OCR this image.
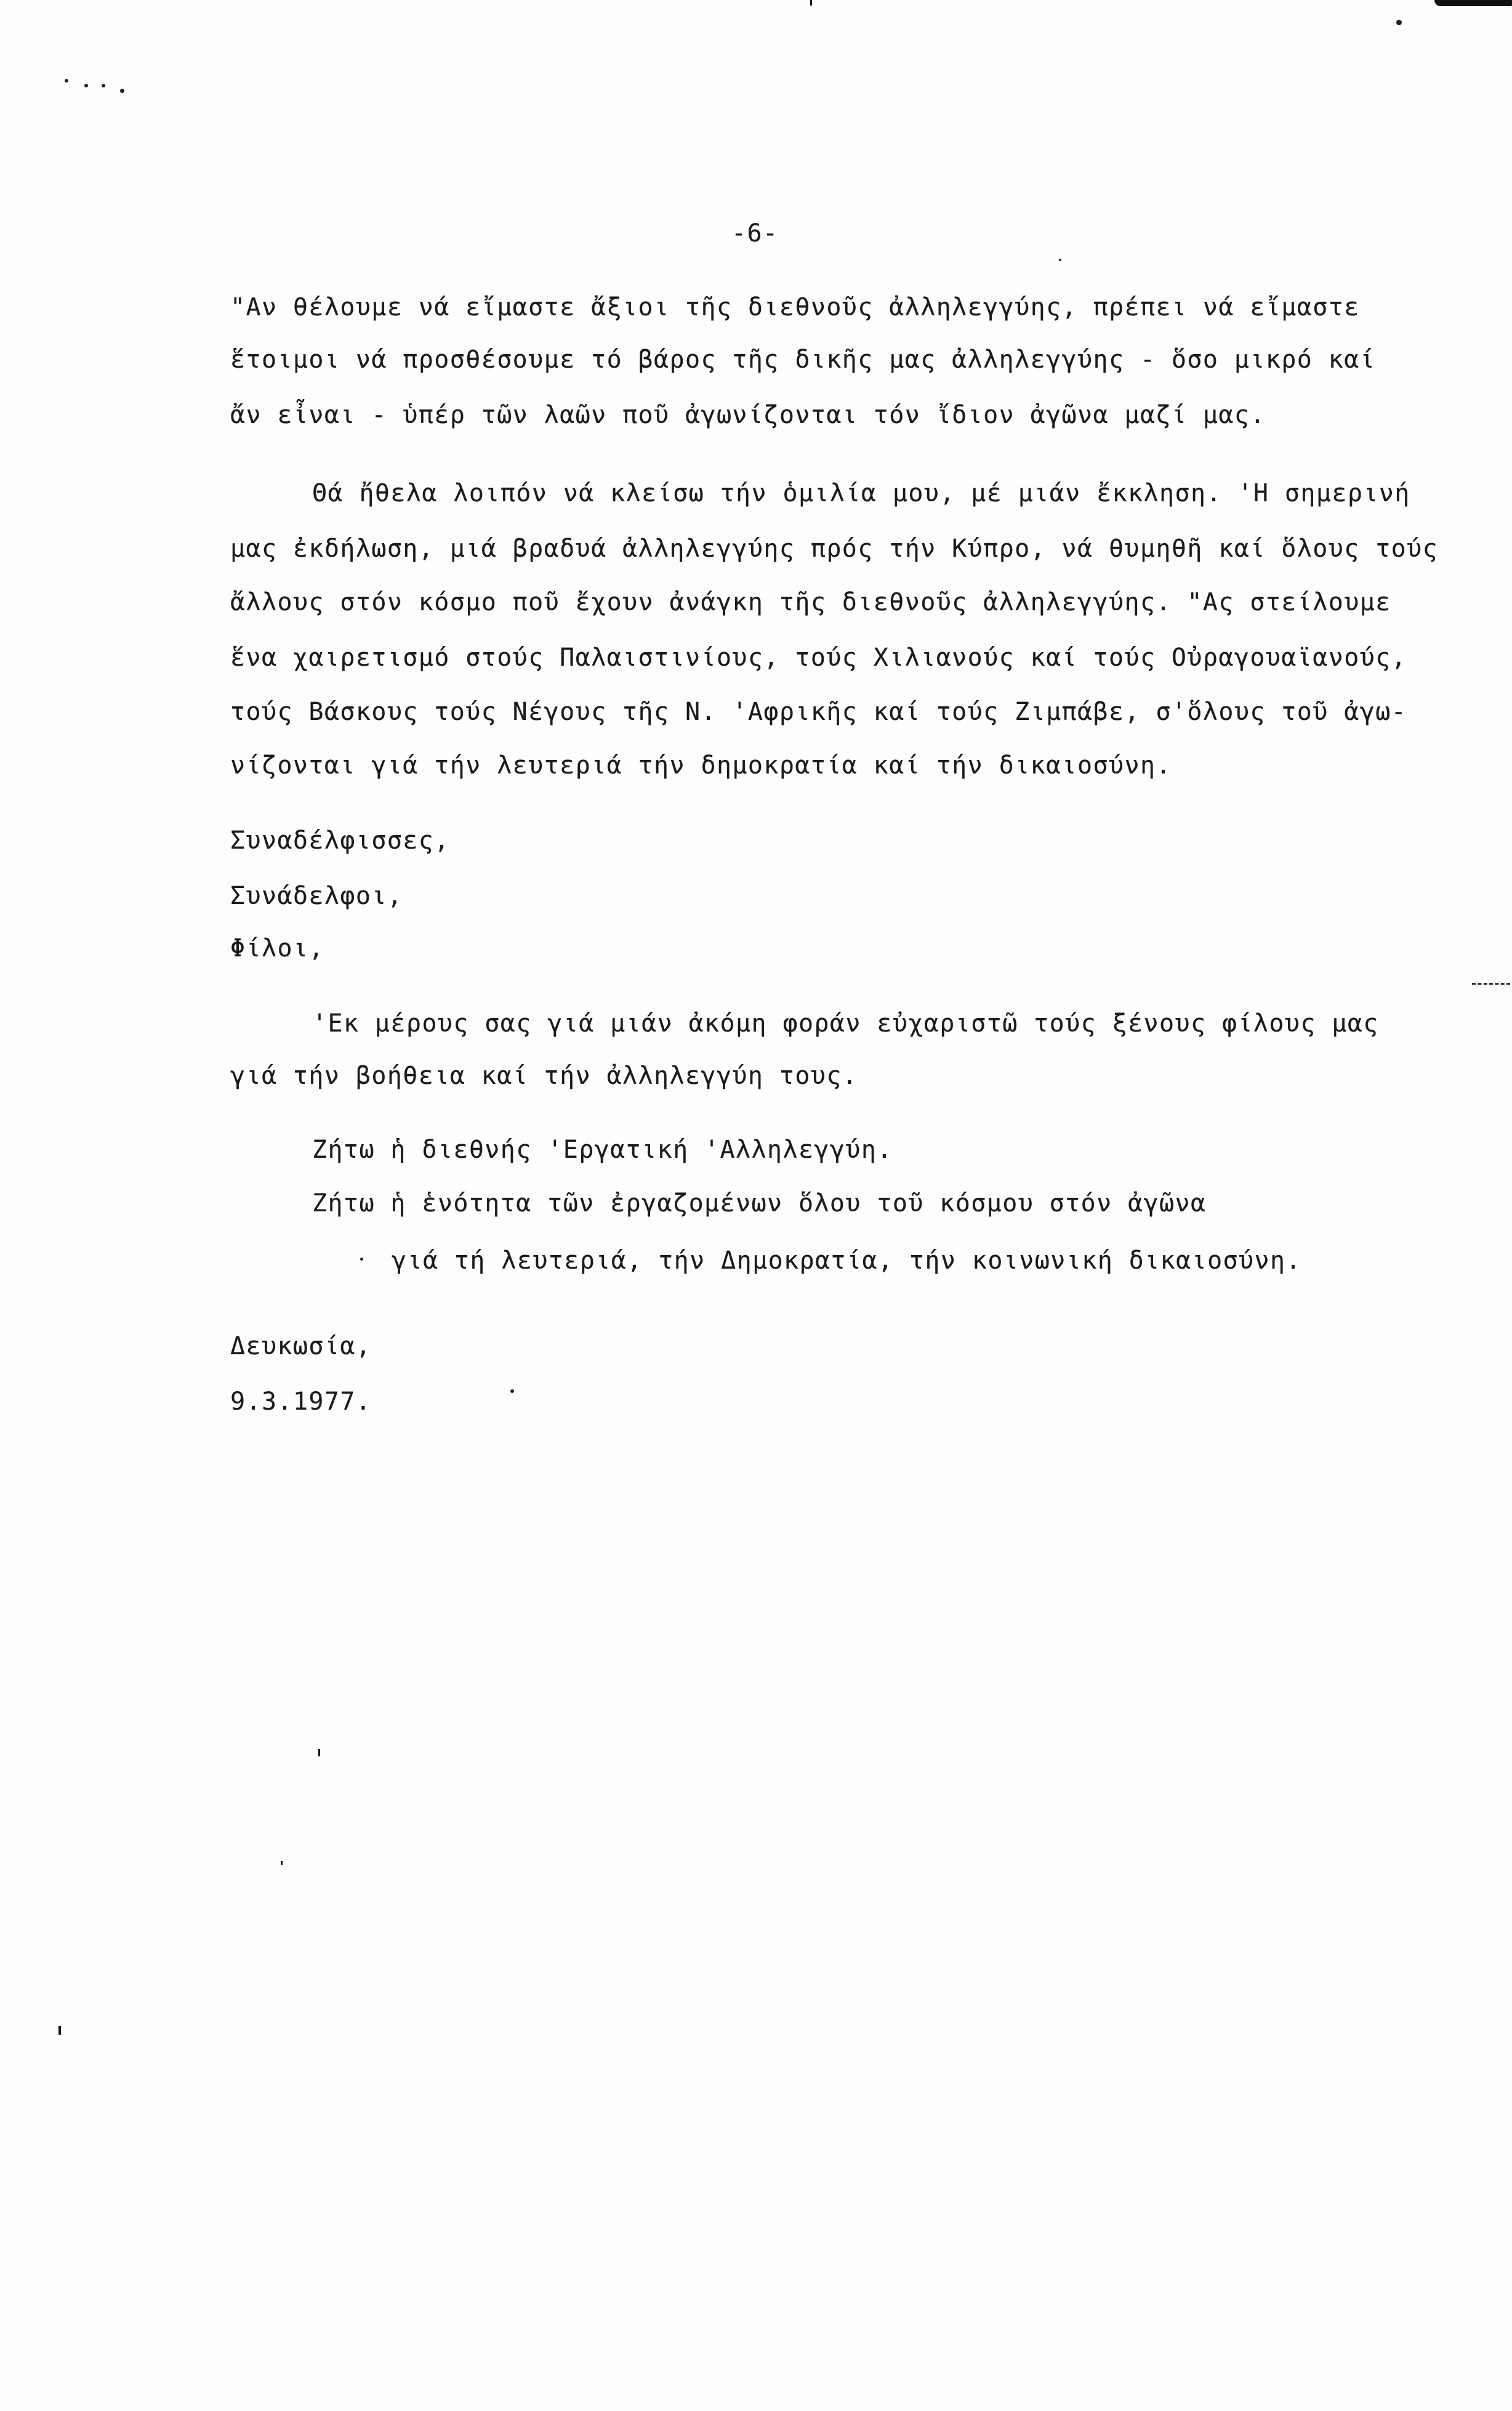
-6-
"Αν θέλουμε νά εἴμαστε ἄξιοι τῆς διεθνοῦς ἀλληλεγγύης, πρέπει νά εἴμαστε
ἕτοιμοι νά προσθέσουμε τό βάρος τῆς δικῆς μας ἀλληλεγγύης - ὅσο μικρό καί
ἄν εἶναι - ὑπέρ τῶν λαῶν ποῦ ἀγωνίζονται τόν ἴδιον ἀγῶνα μαζί μας.
Θά ἤθελα λοιπόν νά κλείσω τήν ὁμιλία μου, μέ μιάν ἔκκληση. 'Η σημερινή
μας ἐκδήλωση, μιά βραδυά ἀλληλεγγύης πρός τήν Κύπρο, νά θυμηθῆ καί ὅλους τούς
ἄλλους στόν κόσμο ποῦ ἔχουν ἀνάγκη τῆς διεθνοῦς ἀλληλεγγύης. "Ας στείλουμε
ἕνα χαιρετισμό στούς Παλαιστινίους, τούς Χιλιανούς καί τούς Οὐραγουαϊανούς,
τούς Βάσκους τούς Νέγους τῆς Ν. 'Αφρικῆς καί τούς Ζιμπάβε, σ'ὅλους τοῦ ἀγω-
νίζονται γιά τήν λευτεριά τήν δημοκρατία καί τήν δικαιοσύνη.
Συναδέλφισσες,
Συνάδελφοι,
Φίλοι,
'Εκ μέρους σας γιά μιάν ἀκόμη φοράν εὐχαριστῶ τούς ξένους φίλους μας
γιά τήν βοήθεια καί τήν ἀλληλεγγύη τους.
Ζήτω ἡ διεθνής 'Εργατική 'Αλληλεγγύη.
Ζήτω ἡ ἑνότητα τῶν ἐργαζομένων ὅλου τοῦ κόσμου στόν ἀγῶνα
γιά τή λευτεριά, τήν Δημοκρατία, τήν κοινωνική δικαιοσύνη.
Δευκωσία,
9.3.1977.
